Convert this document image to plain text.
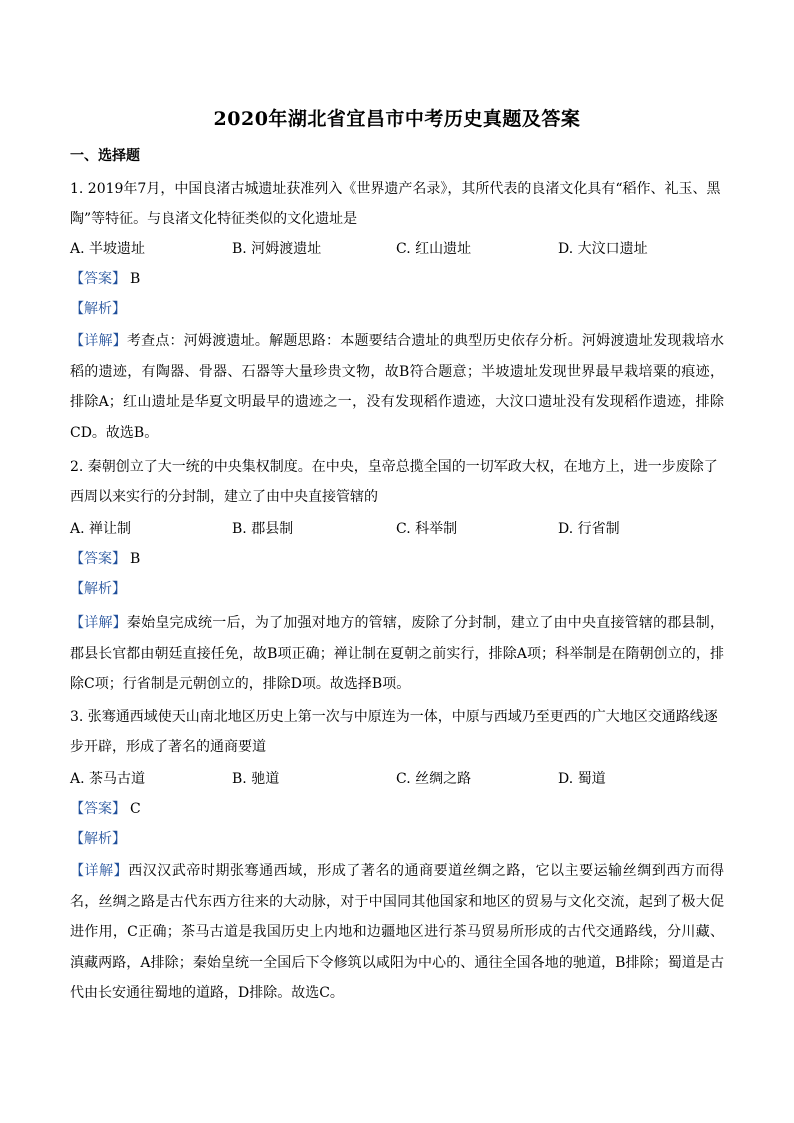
2020年湖北省宜昌市中考历史真题及答案
一、选择题
1. 2019年7月，中国良渚古城遗址获准列入《世界遗产名录》，其所代表的良渚文化具有“稻作、礼玉、黑陶”等特征。与良渚文化特征类似的文化遗址是
A. 半坡遗址	B. 河姆渡遗址	C. 红山遗址	D. 大汶口遗址
【答案】 B
【解析】
【详解】考查点：河姆渡遗址。解题思路：本题要结合遗址的典型历史依存分析。河姆渡遗址发现栽培水稻的遗迹，有陶器、骨器、石器等大量珍贵文物，故B符合题意；半坡遗址发现世界最早栽培粟的痕迹，排除A；红山遗址是华夏文明最早的遗迹之一，没有发现稻作遗迹，大汶口遗址没有发现稻作遗迹，排除CD。故选B。
2. 秦朝创立了大一统的中央集权制度。在中央，皇帝总揽全国的一切军政大权，在地方上，进一步废除了西周以来实行的分封制，建立了由中央直接管辖的
A. 禅让制	B. 郡县制	C. 科举制	D. 行省制
【答案】 B
【解析】
【详解】秦始皇完成统一后，为了加强对地方的管辖，废除了分封制，建立了由中央直接管辖的郡县制，郡县长官都由朝廷直接任免，故B项正确；禅让制在夏朝之前实行，排除A项；科举制是在隋朝创立的，排除C项；行省制是元朝创立的，排除D项。故选择B项。
3. 张骞通西域使天山南北地区历史上第一次与中原连为一体，中原与西域乃至更西的广大地区交通路线逐步开辟，形成了著名的通商要道
A. 茶马古道	B. 驰道	C. 丝绸之路	D. 蜀道
【答案】 C
【解析】
【详解】西汉汉武帝时期张骞通西域，形成了著名的通商要道丝绸之路，它以主要运输丝绸到西方而得名，丝绸之路是古代东西方往来的大动脉，对于中国同其他国家和地区的贸易与文化交流，起到了极大促进作用，C正确；茶马古道是我国历史上内地和边疆地区进行茶马贸易所形成的古代交通路线，分川藏、滇藏两路，A排除；秦始皇统一全国后下令修筑以咸阳为中心的、通往全国各地的驰道，B排除；蜀道是古代由长安通往蜀地的道路，D排除。故选C。
